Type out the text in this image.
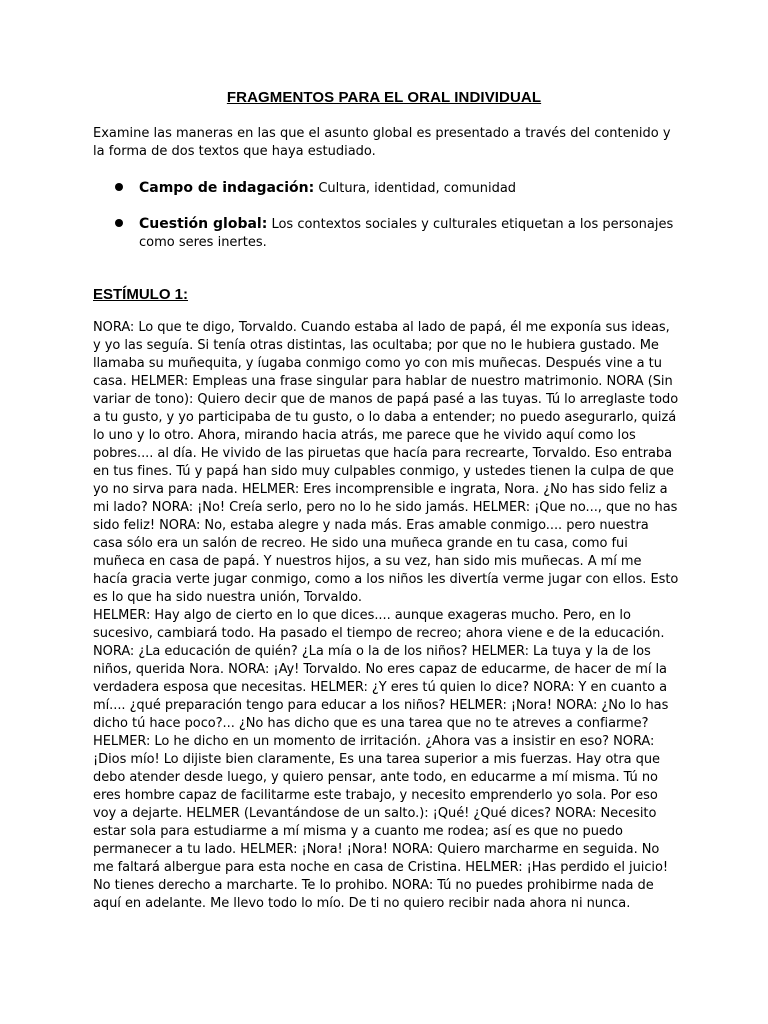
FRAGMENTOS PARA EL ORAL INDIVIDUAL
Examine las maneras en las que el asunto global es presentado a través del contenido y la forma de dos textos que haya estudiado.
Campo de indagación: Cultura, identidad, comunidad
Cuestión global: Los contextos sociales y culturales etiquetan a los personajes como seres inertes.
ESTÍMULO 1:

NORA: Lo que te digo, Torvaldo. Cuando estaba al lado de papá, él me exponía sus ideas, y yo las seguía. Si tenía otras distintas, las ocultaba; por que no le hubiera gustado. Me llamaba su muñequita, y íugaba conmigo como yo con mis muñecas. Después vine a tu casa. HELMER: Empleas una frase singular para hablar de nuestro matrimonio. NORA (Sin variar de tono): Quiero decir que de manos de papá pasé a las tuyas. Tú lo arreglaste todo a tu gusto, y yo participaba de tu gusto, o lo daba a entender; no puedo asegurarlo, quizá lo uno y lo otro. Ahora, mirando hacia atrás, me parece que he vivido aquí como los pobres.... al día. He vivido de las piruetas que hacía para recrearte, Torvaldo. Eso entraba en tus fines. Tú y papá han sido muy culpables conmigo, y ustedes tienen la culpa de que yo no sirva para nada. HELMER: Eres incomprensible e ingrata, Nora. ¿No has sido feliz a mi lado? NORA: ¡No! Creía serlo, pero no lo he sido jamás. HELMER: ¡Que no..., que no has sido feliz! NORA: No, estaba alegre y nada más. Eras amable conmigo.... pero nuestra casa sólo era un salón de recreo. He sido una muñeca grande en tu casa, como fui muñeca en casa de papá. Y nuestros hijos, a su vez, han sido mis muñecas. A mí me hacía gracia verte jugar conmigo, como a los niños les divertía verme jugar con ellos. Esto es lo que ha sido nuestra unión, Torvaldo.

HELMER: Hay algo de cierto en lo que dices.... aunque exageras mucho. Pero, en lo sucesivo, cambiará todo. Ha pasado el tiempo de recreo; ahora viene e de la educación. NORA: ¿La educación de quién? ¿La mía o la de los niños? HELMER: La tuya y la de los niños, querida Nora. NORA: ¡Ay! Torvaldo. No eres capaz de educarme, de hacer de mí la verdadera esposa que necesitas. HELMER: ¿Y eres tú quien lo dice? NORA: Y en cuanto a mí.... ¿qué preparación tengo para educar a los niños? HELMER: ¡Nora! NORA: ¿No lo has dicho tú hace poco?... ¿No has dicho que es una tarea que no te atreves a confiarme?

HELMER: Lo he dicho en un momento de irritación. ¿Ahora vas a insistir en eso? NORA: ¡Dios mío! Lo dijiste bien claramente, Es una tarea superior a mis fuerzas. Hay otra que debo atender desde luego, y quiero pensar, ante todo, en educarme a mí misma. Tú no eres hombre capaz de facilitarme este trabajo, y necesito emprenderlo yo sola. Por eso voy a dejarte. HELMER (Levantándose de un salto.): ¡Qué! ¿Qué dices? NORA: Necesito estar sola para estudiarme a mí misma y a cuanto me rodea; así es que no puedo permanecer a tu lado. HELMER: ¡Nora! ¡Nora! NORA: Quiero marcharme en seguida. No me faltará albergue para esta noche en casa de Cristina. HELMER: ¡Has perdido el juicio! No tienes derecho a marcharte. Te lo prohibo. NORA: Tú no puedes prohibirme nada de aquí en adelante. Me llevo todo lo mío. De ti no quiero recibir nada ahora ni nunca.
